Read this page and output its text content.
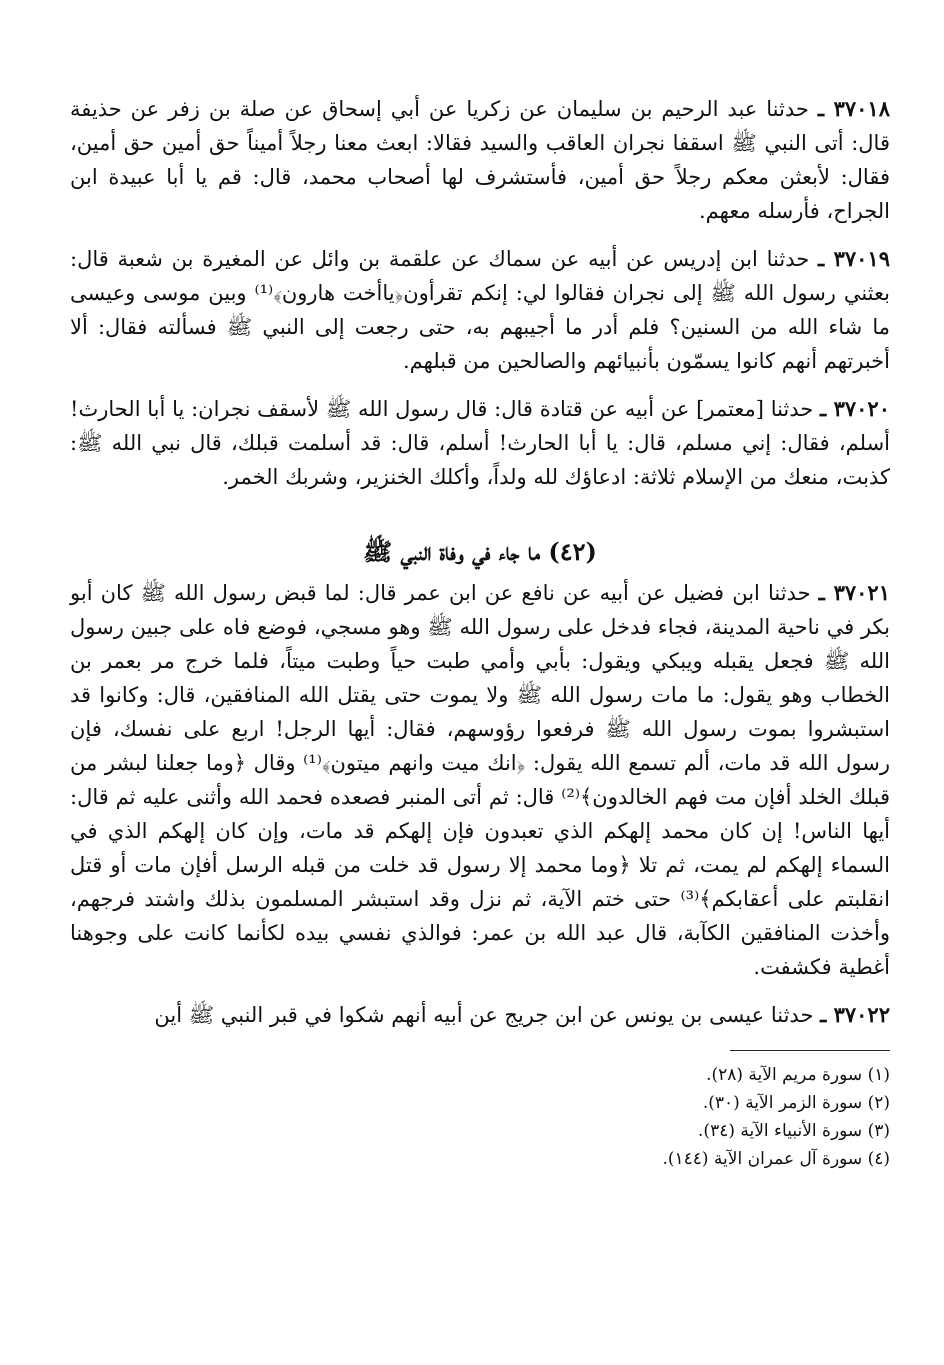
٣٧٠١٨ ـ حدثنا عبد الرحيم بن سليمان عن زكريا عن أبي إسحاق عن صلة بن زفر عن حذيفة قال: أتى النبي ﷺ اسقفا نجران العاقب والسيد فقالا: ابعث معنا رجلاً أميناً حق أمين حق أمين، فقال: لأبعثن معكم رجلاً حق أمين، فأستشرف لها أصحاب محمد، قال: قم يا أبا عبيدة ابن الجراح، فأرسله معهم.

٣٧٠١٩ ـ حدثنا ابن إدريس عن أبيه عن سماك عن علقمة بن وائل عن المغيرة بن شعبة قال: بعثني رسول الله ﷺ إلى نجران فقالوا لي: إنكم تقرأون﴿ياأخت هارون﴾⁽¹⁾ وبين موسى وعيسى ما شاء الله من السنين؟ فلم أدر ما أجيبهم به، حتى رجعت إلى النبي ﷺ فسألته فقال: ألا أخبرتهم أنهم كانوا يسمّون بأنبيائهم والصالحين من قبلهم.

٣٧٠٢٠ ـ حدثنا [معتمر] عن أبيه عن قتادة قال: قال رسول الله ﷺ لأسقف نجران: يا أبا الحارث! أسلم، فقال: إني مسلم، قال: يا أبا الحارث! أسلم، قال: قد أسلمت قبلك، قال نبي الله ﷺ: كذبت، منعك من الإسلام ثلاثة: ادعاؤك لله ولداً، وأكلك الخنزير، وشربك الخمر.

(٤٢) ما جاء في وفاة النبي ﷺ

٣٧٠٢١ ـ حدثنا ابن فضيل عن أبيه عن نافع عن ابن عمر قال: لما قبض رسول الله ﷺ كان أبو بكر في ناحية المدينة، فجاء فدخل على رسول الله ﷺ وهو مسجي، فوضع فاه على جبين رسول الله ﷺ فجعل يقبله ويبكي ويقول: بأبي وأمي طبت حياً وطبت ميتاً، فلما خرج مر بعمر بن الخطاب وهو يقول: ما مات رسول الله ﷺ ولا يموت حتى يقتل الله المنافقين، قال: وكانوا قد استبشروا بموت رسول الله ﷺ فرفعوا رؤوسهم، فقال: أيها الرجل! اربع على نفسك، فإن رسول الله قد مات، ألم تسمع الله يقول: ﴿انك ميت وانهم ميتون﴾⁽¹⁾ وقال ﴿وما جعلنا لبشر من قبلك الخلد أفإن مت فهم الخالدون﴾⁽²⁾ قال: ثم أتى المنبر فصعده فحمد الله وأثنى عليه ثم قال: أيها الناس! إن كان محمد إلهكم الذي تعبدون فإن إلهكم قد مات، وإن كان إلهكم الذي في السماء إلهكم لم يمت، ثم تلا ﴿وما محمد إلا رسول قد خلت من قبله الرسل أفإن مات أو قتل انقلبتم على أعقابكم﴾⁽³⁾ حتى ختم الآية، ثم نزل وقد استبشر المسلمون بذلك واشتد فرجهم، وأخذت المنافقين الكآبة، قال عبد الله بن عمر: فوالذي نفسي بيده لكأنما كانت على وجوهنا أغطية فكشفت.

٣٧٠٢٢ ـ حدثنا عيسى بن يونس عن ابن جريج عن أبيه أنهم شكوا في قبر النبي ﷺ أين

(١) سورة مريم الآية (٢٨).

(٢) سورة الزمر الآية (٣٠).

(٣) سورة الأنبياء الآية (٣٤).

(٤) سورة آل عمران الآية (١٤٤).
